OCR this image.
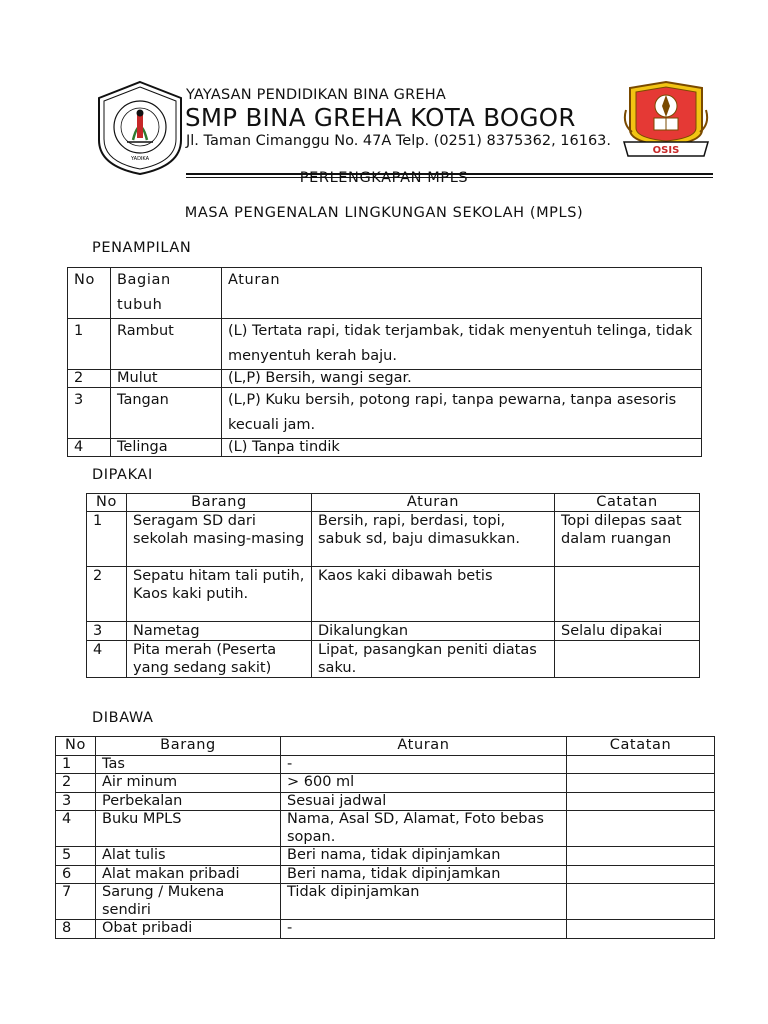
YADIKA
OSIS
YAYASAN PENDIDIKAN BINA GREHA
SMP BINA GREHA KOTA BOGOR
Jl. Taman Cimanggu No. 47A Telp. (0251) 8375362, 16163.
PERLENGKAPAN MPLS
MASA PENGENALAN LINGKUNGAN SEKOLAH (MPLS)
PENAMPILAN
No	Bagian tubuh	Aturan
1	Rambut	(L) Tertata rapi, tidak terjambak, tidak menyentuh telinga, tidak menyentuh kerah baju.
2	Mulut	(L,P) Bersih, wangi segar.
3	Tangan	(L,P) Kuku bersih, potong rapi, tanpa pewarna, tanpa asesoris kecuali jam.
4	Telinga	(L) Tanpa tindik
DIPAKAI
No	Barang	Aturan	Catatan
1	Seragam SD dari sekolah masing-masing	Bersih, rapi, berdasi, topi, sabuk sd, baju dimasukkan.	Topi dilepas saat dalam ruangan
2	Sepatu hitam tali putih, Kaos kaki putih.	Kaos kaki dibawah betis	
3	Nametag	Dikalungkan	Selalu dipakai
4	Pita merah (Peserta yang sedang sakit)	Lipat, pasangkan peniti diatas saku.	
DIBAWA
No	Barang	Aturan	Catatan
1	Tas	-	
2	Air minum	> 600 ml	
3	Perbekalan	Sesuai jadwal	
4	Buku MPLS	Nama, Asal SD, Alamat, Foto bebas sopan.	
5	Alat tulis	Beri nama, tidak dipinjamkan	
6	Alat makan pribadi	Beri nama, tidak dipinjamkan	
7	Sarung / Mukena sendiri	Tidak dipinjamkan	
8	Obat pribadi	-	
